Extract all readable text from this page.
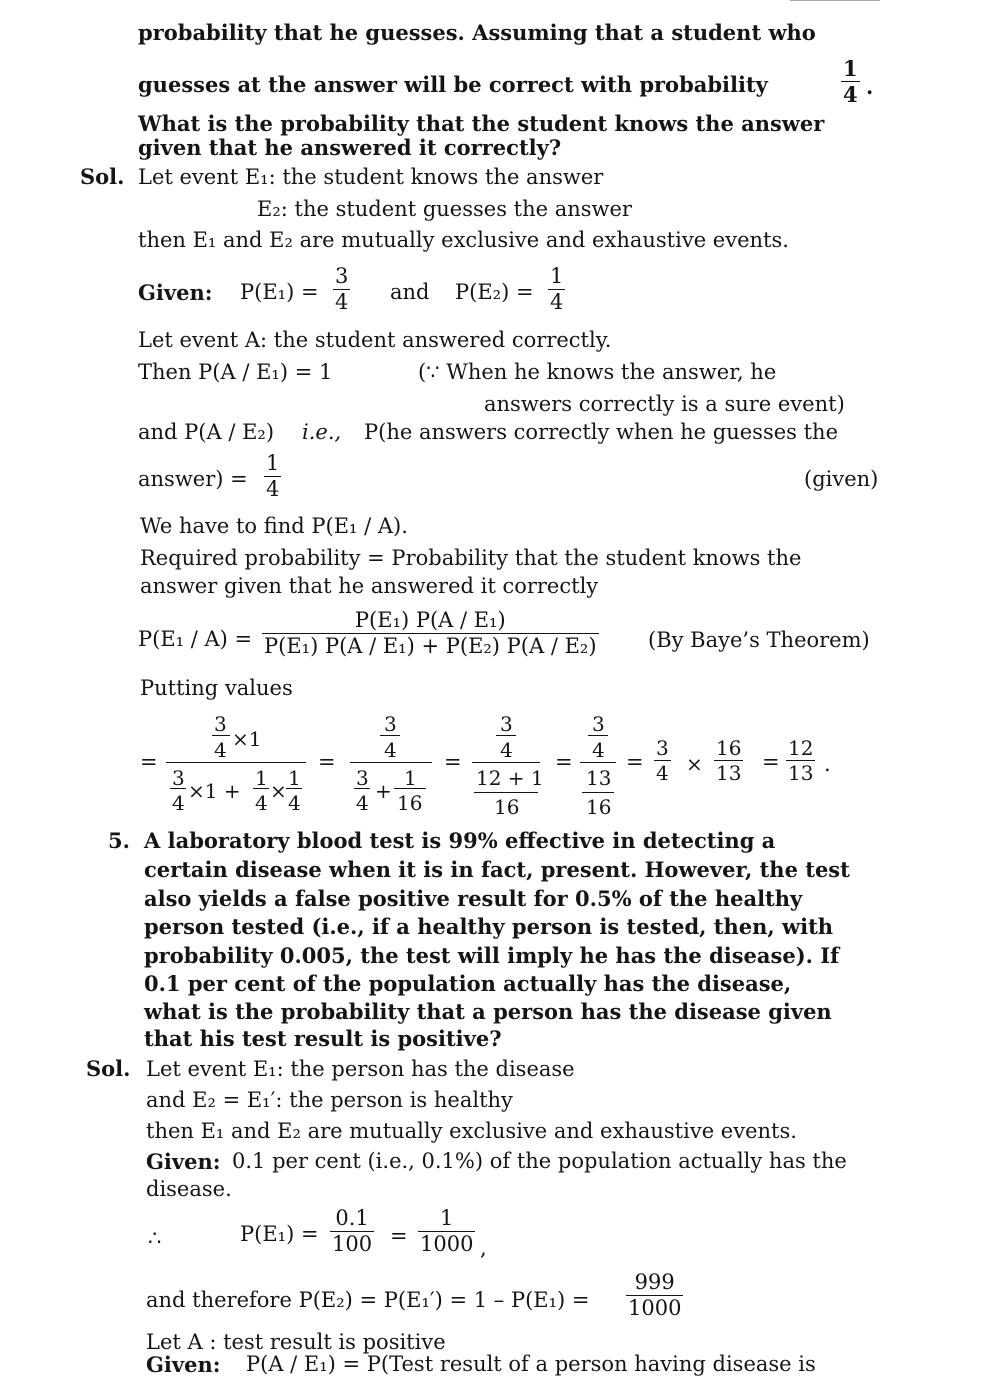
probability that he guesses. Assuming that a student who
guesses at the answer will be correct with probability	$\frac{1}{4}$ .
What is the probability that the student knows the answer
given that he answered it correctly?
Sol. Let event E₁: the student knows the answer
E₂: the student guesses the answer
then E₁ and E₂ are mutually exclusive and exhaustive events.
Given: $P(E_1) = \frac{3}{4}$ and $P(E_2) = \frac{1}{4}$
Let event A: the student answered correctly.
Then P(A / E₁) = 1	(∵ When he knows the answer, he
answers correctly is a sure event)
and P(A / E₂) i.e., P(he answers correctly when he guesses the
answer) = $\frac{1}{4}$	(given)
We have to find P(E₁ / A).
Required probability = Probability that the student knows the
answer given that he answered it correctly
$P(E_1 / A) = \frac{\text{P(E₁) P(A / E₁)}}{\text{P(E₁) P(A / E₁) + P(E₂) P(A / E₂)}} (By$ Baye’s Theorem)
Putting values
=
3
4 ×1
3
4 ×1 +
1
4 ×
1
4
=
3
4
3
4 +
1
16
=
3
4
12 + 1
16
=
3
4
13
16
= $\frac{3}{4} \times \frac{16}{13} = \frac{12}{13}$ .
5. A laboratory blood test is 99% effective in detecting a
certain disease when it is in fact, present. However, the test
also yields a false positive result for 0.5% of the healthy
person tested (i.e., if a healthy person is tested, then, with
probability 0.005, the test will imply he has the disease). If
0.1 per cent of the population actually has the disease,
what is the probability that a person has the disease given
that his test result is positive?
Sol. Let event E₁: the person has the disease
and E₂ = E₁′: the person is healthy
then E₁ and E₂ are mutually exclusive and exhaustive events.
Given: 0.1 per cent (i.e., 0.1%) of the population actually has the
disease.
∴	$P(E_1) = \frac{0.1}{100} = \frac{1}{1000}$ ,
and therefore $P(E_2) = P(E_1') = 1 - P(E_1) = \frac{999}{1000}$
Let A : test result is positive
Given: P(A / E₁) = P(Test result of a person having disease is
